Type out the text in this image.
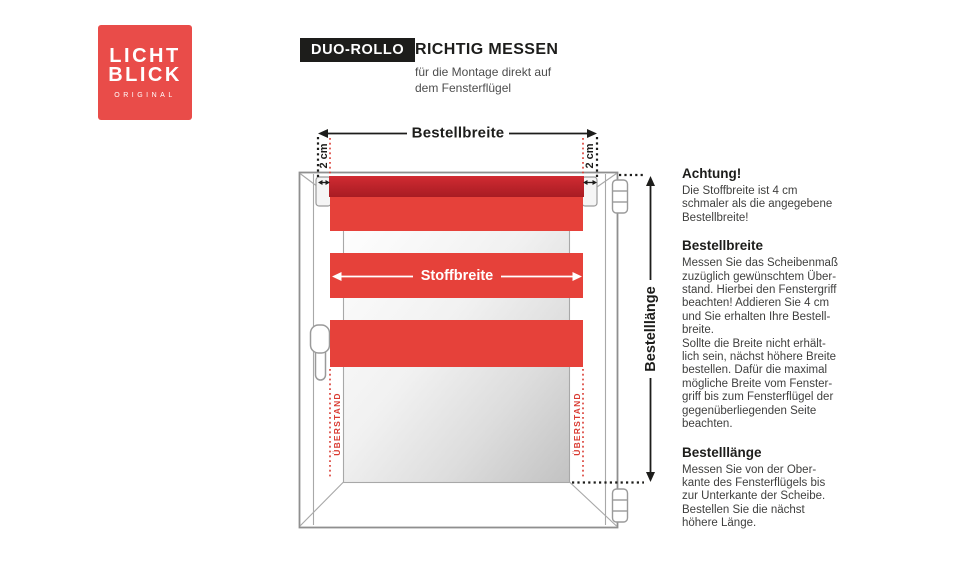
LICHT
BLICK
ORIGINAL
DUO-ROLLO RICHTIG MESSEN
für die Montage direkt auf
dem Fensterflügel
Bestellbreite
Stoffbreite
Bestelllänge
2 cm	2 cm
ÜBERSTAND	ÜBERSTAND
Achtung!

Die Stoffbreite ist 4 cm
schmaler als die angegebene
Bestellbreite!

Bestellbreite

Messen Sie das Scheibenmaß
zuzüglich gewünschtem Über-
stand. Hierbei den Fenstergriff
beachten! Addieren Sie 4 cm
und Sie erhalten Ihre Bestell-
breite.
Sollte die Breite nicht erhält-
lich sein, nächst höhere Breite
bestellen. Dafür die maximal
mögliche Breite vom Fenster-
griff bis zum Fensterflügel der
gegenüberliegenden Seite
beachten.

Bestelllänge

Messen Sie von der Ober-
kante des Fensterflügels bis
zur Unterkante der Scheibe.
Bestellen Sie die nächst
höhere Länge.
